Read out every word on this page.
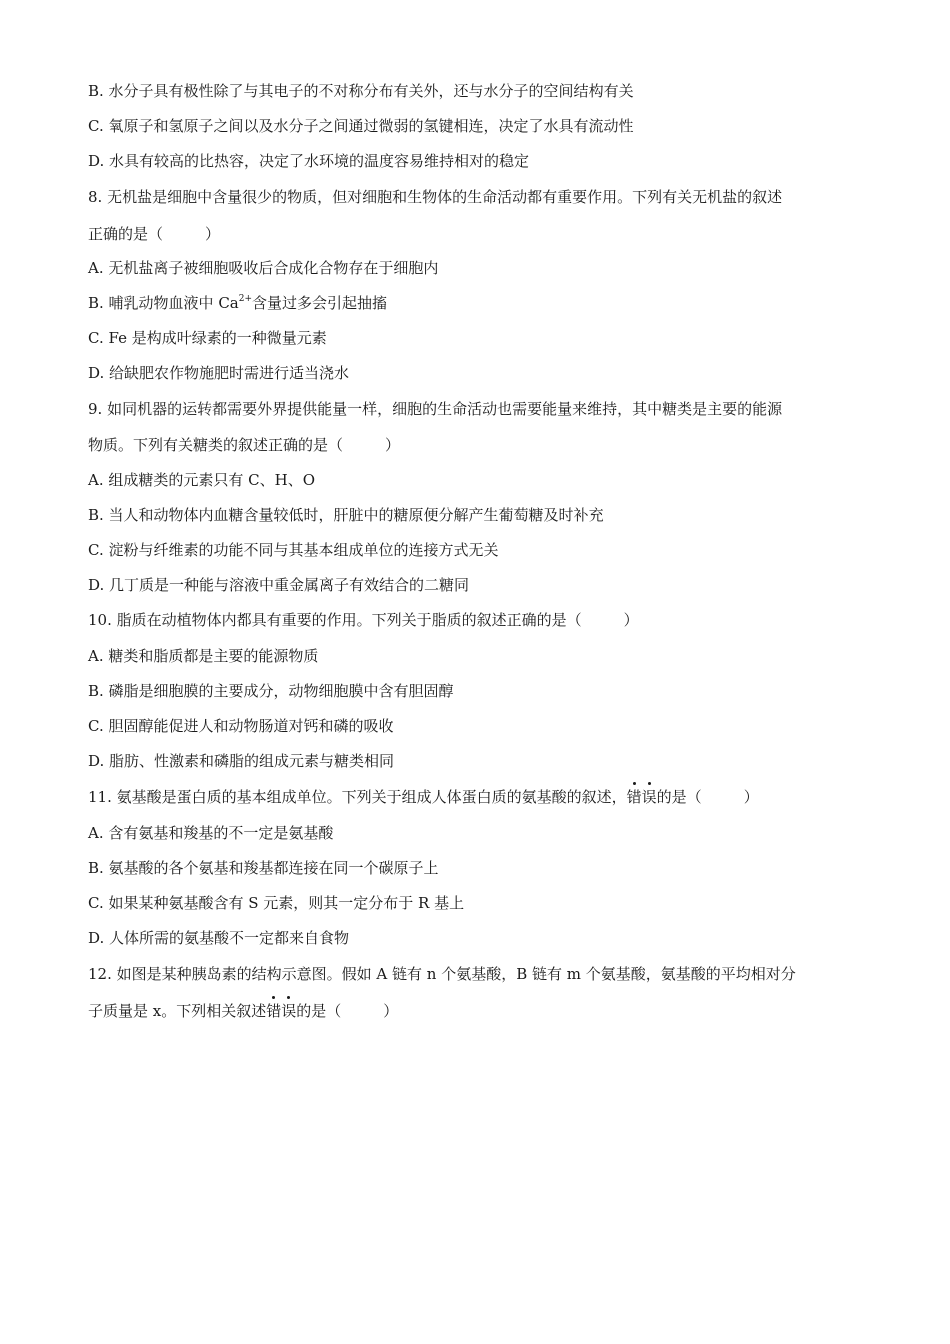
B. 水分子具有极性除了与其电子的不对称分布有关外，还与水分子的空间结构有关
C. 氧原子和氢原子之间以及水分子之间通过微弱的氢键相连，决定了水具有流动性
D. 水具有较高的比热容，决定了水环境的温度容易维持相对的稳定
8. 无机盐是细胞中含量很少的物质，但对细胞和生物体的生命活动都有重要作用。下列有关无机盐的叙述
正确的是（	）
A. 无机盐离子被细胞吸收后合成化合物存在于细胞内
B. 哺乳动物血液中 $Ca^{2+}$含量过多会引起抽搐
C. Fe 是构成叶绿素的一种微量元素
D. 给缺肥农作物施肥时需进行适当浇水
9. 如同机器的运转都需要外界提供能量一样，细胞的生命活动也需要能量来维持，其中糖类是主要的能源
物质。下列有关糖类的叙述正确的是（	）
A. 组成糖类的元素只有 C、H、O
B. 当人和动物体内血糖含量较低时，肝脏中的糖原便分解产生葡萄糖及时补充
C. 淀粉与纤维素的功能不同与其基本组成单位的连接方式无关
D. 几丁质是一种能与溶液中重金属离子有效结合的二糖同
10. 脂质在动植物体内都具有重要的作用。下列关于脂质的叙述正确的是（	）
A. 糖类和脂质都是主要的能源物质
B. 磷脂是细胞膜的主要成分，动物细胞膜中含有胆固醇
C. 胆固醇能促进人和动物肠道对钙和磷的吸收
D. 脂肪、性激素和磷脂的组成元素与糖类相同
11. 氨基酸是蛋白质的基本组成单位。下列关于组成人体蛋白质的氨基酸的叙述，
错
误的是（	）
A. 含有氨基和羧基的不一定是氨基酸
B. 氨基酸的各个氨基和羧基都连接在同一个碳原子上
C. 如果某种氨基酸含有 S 元素，则其一定分布于 R 基上
D. 人体所需的氨基酸不一定都来自食物
12. 如图是某种胰岛素的结构示意图。假如 A 链有 n 个氨基酸，B 链有 m 个氨基酸，氨基酸的平均相对分
子质量是 x。下列相关叙述
错
误的是（	）
